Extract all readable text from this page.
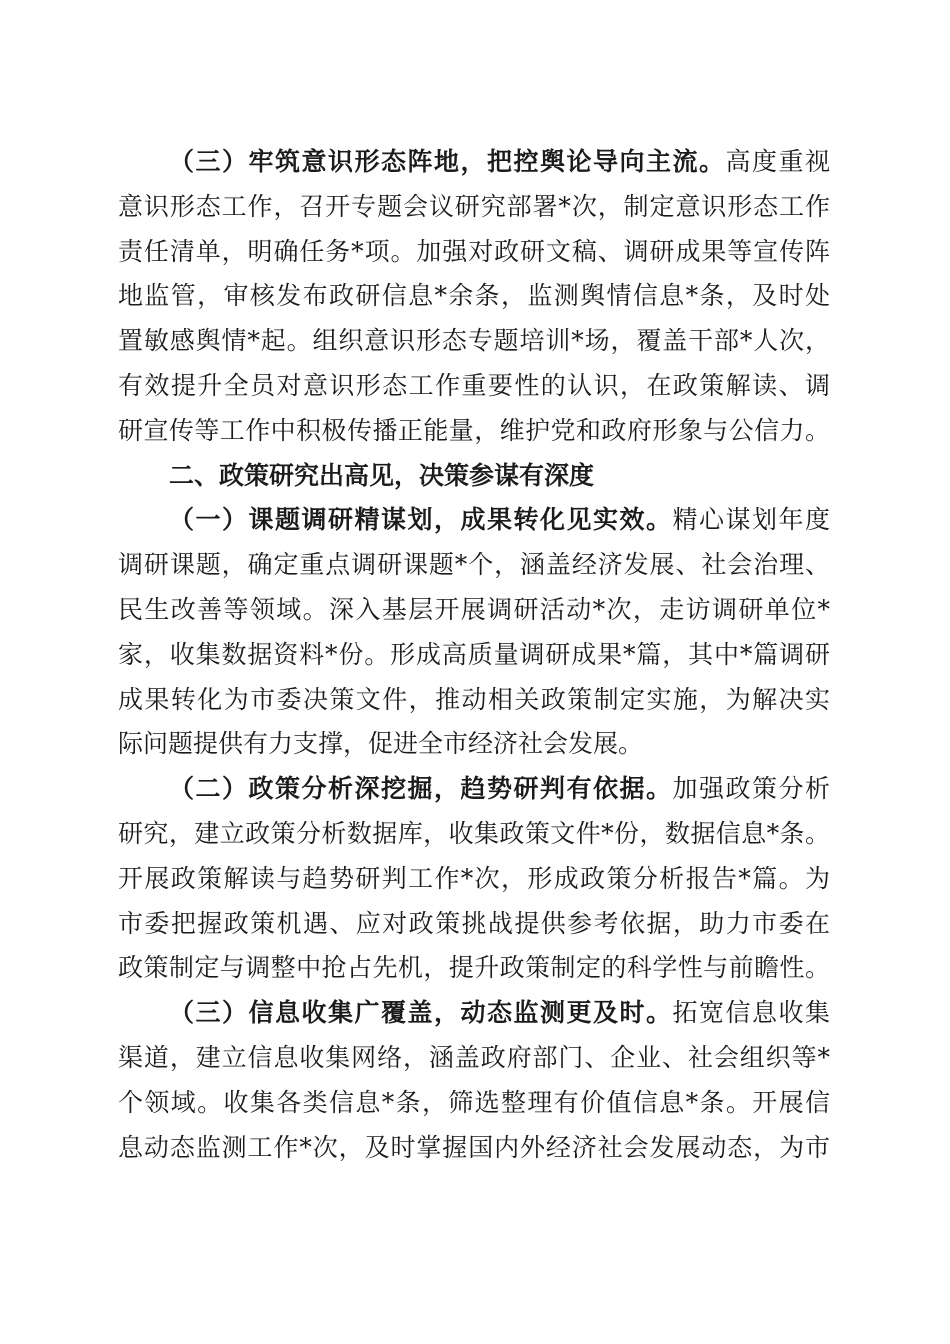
（三）牢筑意识形态阵地，把控舆论导向主流。高度重视
意识形态工作，召开专题会议研究部署*次，制定意识形态工作
责任清单，明确任务*项。加强对政研文稿、调研成果等宣传阵
地监管，审核发布政研信息*余条，监测舆情信息*条，及时处
置敏感舆情*起。组织意识形态专题培训*场，覆盖干部*人次，
有效提升全员对意识形态工作重要性的认识，在政策解读、调
研宣传等工作中积极传播正能量，维护党和政府形象与公信力。
二、政策研究出高见，决策参谋有深度
（一）课题调研精谋划，成果转化见实效。精心谋划年度
调研课题，确定重点调研课题*个，涵盖经济发展、社会治理、
民生改善等领域。深入基层开展调研活动*次，走访调研单位*
家，收集数据资料*份。形成高质量调研成果*篇，其中*篇调研
成果转化为市委决策文件，推动相关政策制定实施，为解决实
际问题提供有力支撑，促进全市经济社会发展。
（二）政策分析深挖掘，趋势研判有依据。加强政策分析
研究，建立政策分析数据库，收集政策文件*份，数据信息*条。
开展政策解读与趋势研判工作*次，形成政策分析报告*篇。为
市委把握政策机遇、应对政策挑战提供参考依据，助力市委在
政策制定与调整中抢占先机，提升政策制定的科学性与前瞻性。
（三）信息收集广覆盖，动态监测更及时。拓宽信息收集
渠道，建立信息收集网络，涵盖政府部门、企业、社会组织等*
个领域。收集各类信息*条，筛选整理有价值信息*条。开展信
息动态监测工作*次，及时掌握国内外经济社会发展动态，为市
